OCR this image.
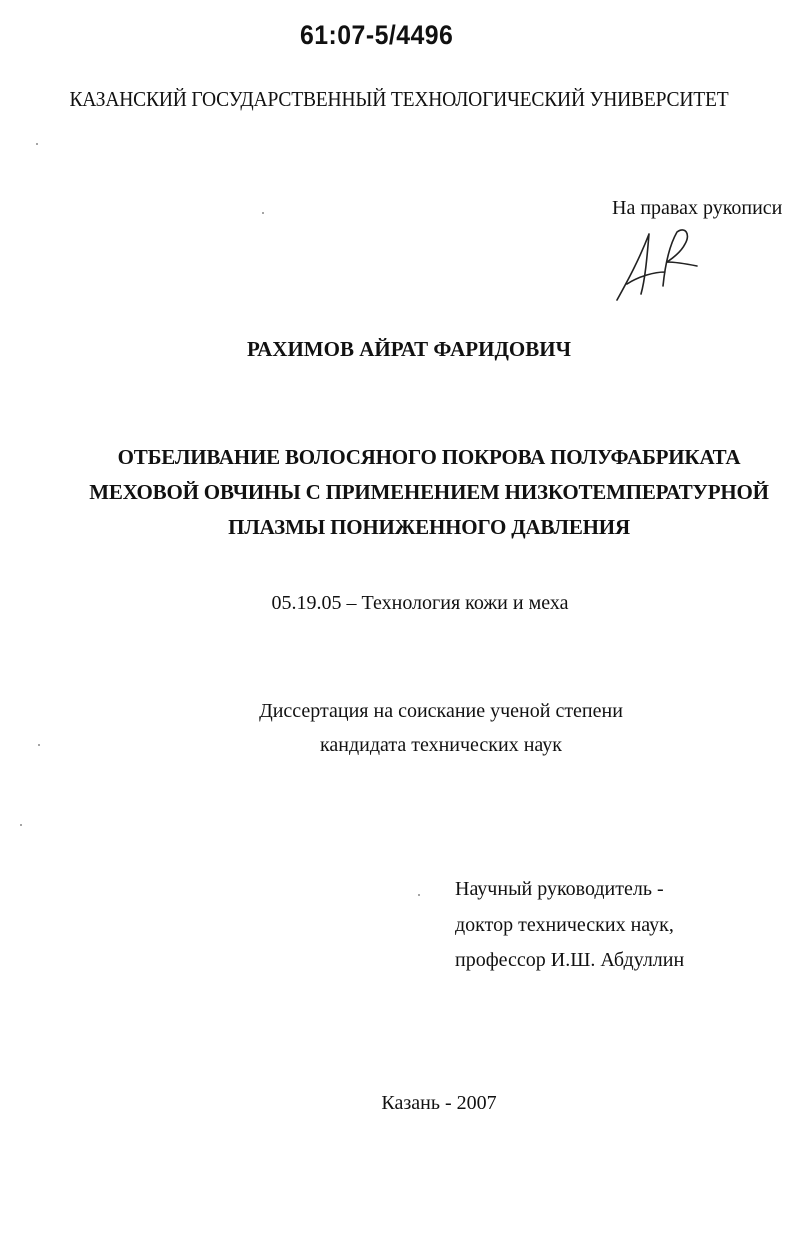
61:07-5/4496
КАЗАНСКИЙ ГОСУДАРСТВЕННЫЙ ТЕХНОЛОГИЧЕСКИЙ УНИВЕРСИТЕТ
На правах рукописи
РАХИМОВ АЙРАТ ФАРИДОВИЧ
ОТБЕЛИВАНИЕ ВОЛОСЯНОГО ПОКРОВА ПОЛУФАБРИКАТА
МЕХОВОЙ ОВЧИНЫ С ПРИМЕНЕНИЕМ НИЗКОТЕМПЕРАТУРНОЙ
ПЛАЗМЫ ПОНИЖЕННОГО ДАВЛЕНИЯ
05.19.05 – Технология кожи и меха
Диссертация на соискание ученой степени
кандидата технических наук
Научный руководитель -
доктор технических наук,
профессор И.Ш. Абдуллин
Казань - 2007
